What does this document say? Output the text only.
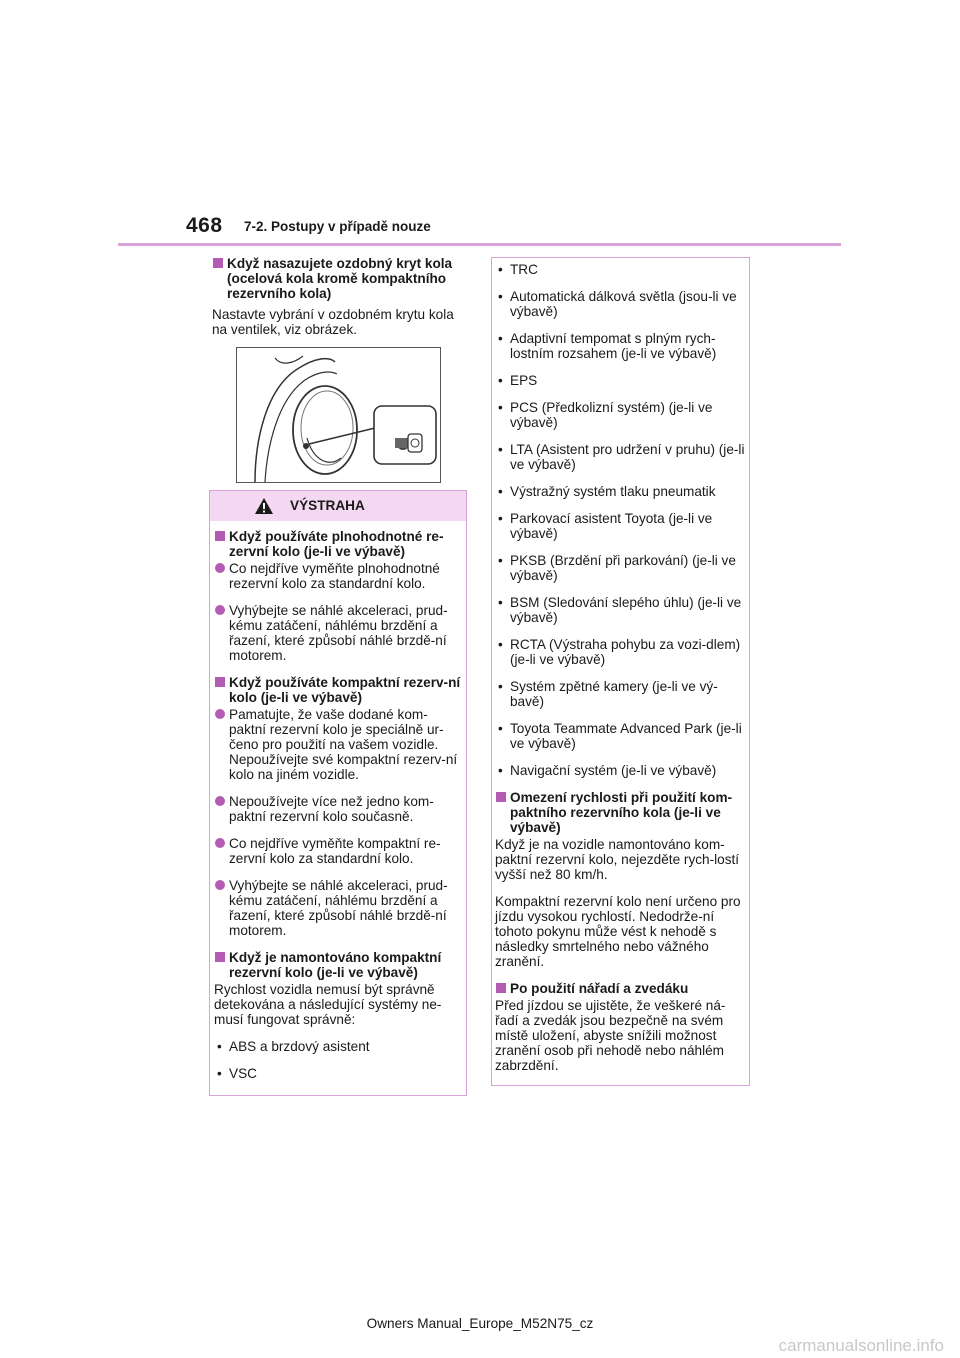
468 7-2. Postupy v případě nouze
Když nasazujete ozdobný kryt kola (ocelová kola kromě kompaktního rezervního kola)

Nastavte vybrání v ozdobném krytu kola na ventilek, viz obrázek.

VÝSTRAHA
Když používáte plnohodnotné re-zervní kolo (je-li ve výbavě)
Co nejdříve vyměňte plnohodnotné rezervní kolo za standardní kolo.
Vyhýbejte se náhlé akceleraci, prud-kému zatáčení, náhlému brzdění a řazení, které způsobí náhlé brzdě-ní motorem.
Když používáte kompaktní rezerv-ní kolo (je-li ve výbavě)
Pamatujte, že vaše dodané kom-paktní rezervní kolo je speciálně ur-čeno pro použití na vašem vozidle. Nepoužívejte své kompaktní rezerv-ní kolo na jiném vozidle.
Nepoužívejte více než jedno kom-paktní rezervní kolo současně.
Co nejdříve vyměňte kompaktní re-zervní kolo za standardní kolo.
Vyhýbejte se náhlé akceleraci, prud-kému zatáčení, náhlému brzdění a řazení, které způsobí náhlé brzdě-ní motorem.
Když je namontováno kompaktní rezervní kolo (je-li ve výbavě)

Rychlost vozidla nemusí být správně detekována a následující systémy ne-musí fungovat správně:

• ABS a brzdový asistent
• VSC
• TRC
• Automatická dálková světla (jsou-li ve výbavě)
• Adaptivní tempomat s plným rych-lostním rozsahem (je-li ve výbavě)
• EPS
• PCS (Předkolizní systém) (je-li ve výbavě)
• LTA (Asistent pro udržení v pruhu) (je-li ve výbavě)
• Výstražný systém tlaku pneumatik
• Parkovací asistent Toyota (je-li ve výbavě)
• PKSB (Brzdění při parkování) (je-li ve výbavě)
• BSM (Sledování slepého úhlu) (je-li ve výbavě)
• RCTA (Výstraha pohybu za vozi-dlem) (je-li ve výbavě)
• Systém zpětné kamery (je-li ve vý-bavě)
• Toyota Teammate Advanced Park (je-li ve výbavě)
• Navigační systém (je-li ve výbavě)
Omezení rychlosti při použití kom-paktního rezervního kola (je-li ve výbavě)

Když je na vozidle namontováno kom-paktní rezervní kolo, nejezděte rych-lostí vyšší než 80 km/h.

Kompaktní rezervní kolo není určeno pro jízdu vysokou rychlostí. Nedodrže-ní tohoto pokynu může vést k nehodě s následky smrtelného nebo vážného zranění.

Po použití nářadí a zvedáku

Před jízdou se ujistěte, že veškeré ná-řadí a zvedák jsou bezpečně na svém místě uložení, abyste snížili možnost zranění osob při nehodě nebo náhlém zabrzdění.

Owners Manual_Europe_M52N75_cz
carmanualsonline.info
